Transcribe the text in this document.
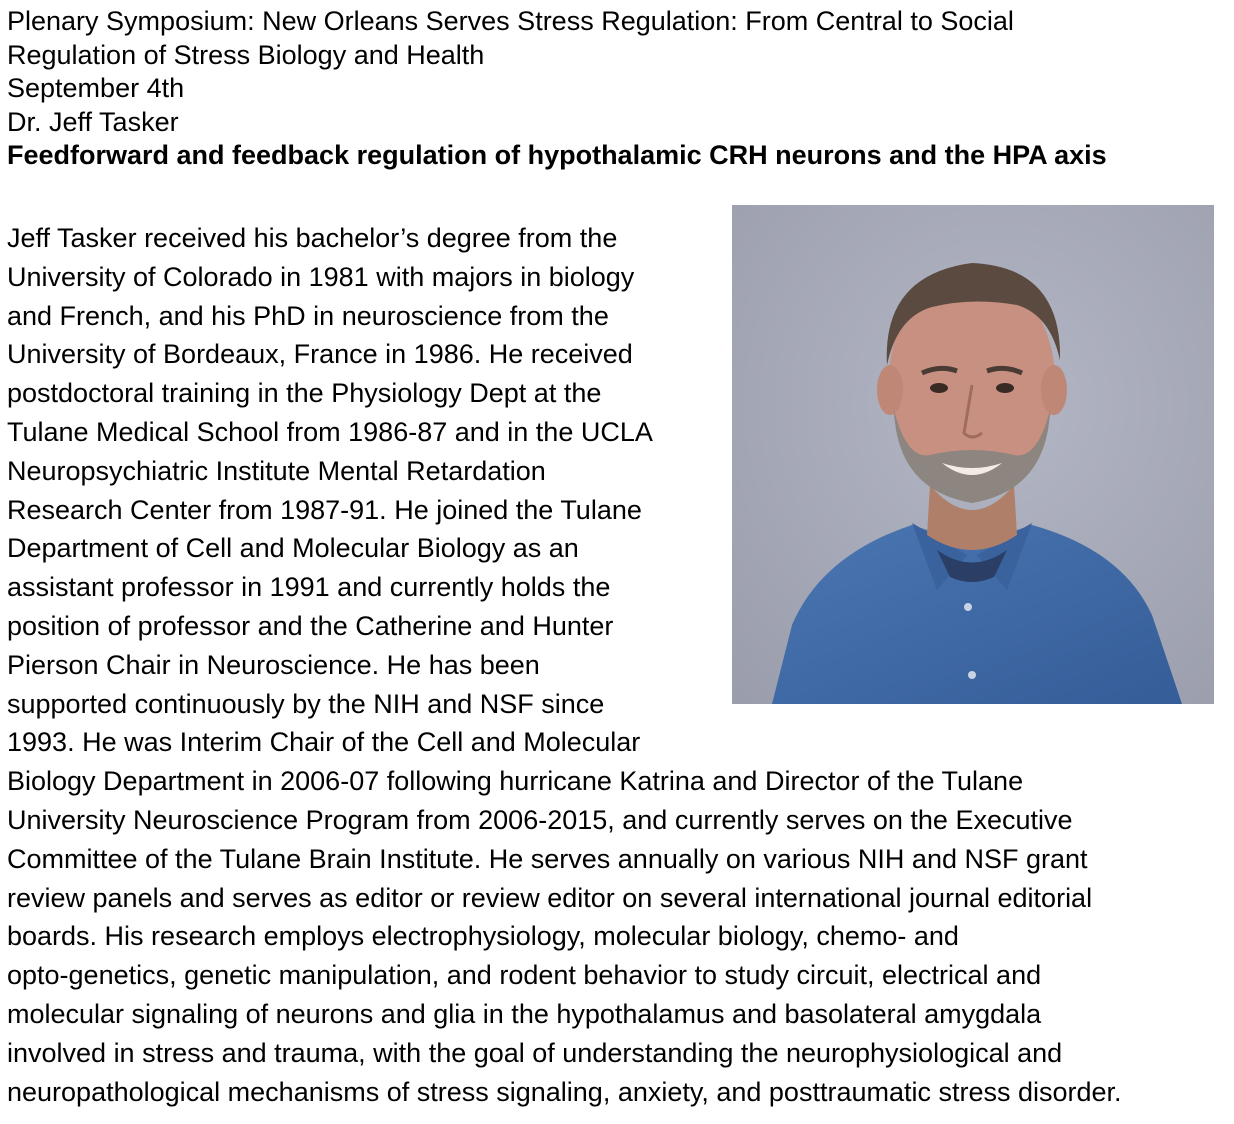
Plenary Symposium: New Orleans Serves Stress Regulation: From Central to Social

Regulation of Stress Biology and Health

September 4th

Dr. Jeff Tasker

Feedforward and feedback regulation of hypothalamic CRH neurons and the HPA axis

Jeff Tasker received his bachelor’s degree from the
University of Colorado in 1981 with majors in biology
and French, and his PhD in neuroscience from the
University of Bordeaux, France in 1986. He received
postdoctoral training in the Physiology Dept at the
Tulane Medical School from 1986-87 and in the UCLA
Neuropsychiatric Institute Mental Retardation
Research Center from 1987-91. He joined the Tulane
Department of Cell and Molecular Biology as an
assistant professor in 1991 and currently holds the
position of professor and the Catherine and Hunter
Pierson Chair in Neuroscience. He has been
supported continuously by the NIH and NSF since
1993. He was Interim Chair of the Cell and Molecular
Biology Department in 2006-07 following hurricane Katrina and Director of the Tulane
University Neuroscience Program from 2006-2015, and currently serves on the Executive
Committee of the Tulane Brain Institute. He serves annually on various NIH and NSF grant
review panels and serves as editor or review editor on several international journal editorial
boards. His research employs electrophysiology, molecular biology, chemo- and
opto-genetics, genetic manipulation, and rodent behavior to study circuit, electrical and
molecular signaling of neurons and glia in the hypothalamus and basolateral amygdala
involved in stress and trauma, with the goal of understanding the neurophysiological and
neuropathological mechanisms of stress signaling, anxiety, and posttraumatic stress disorder.
